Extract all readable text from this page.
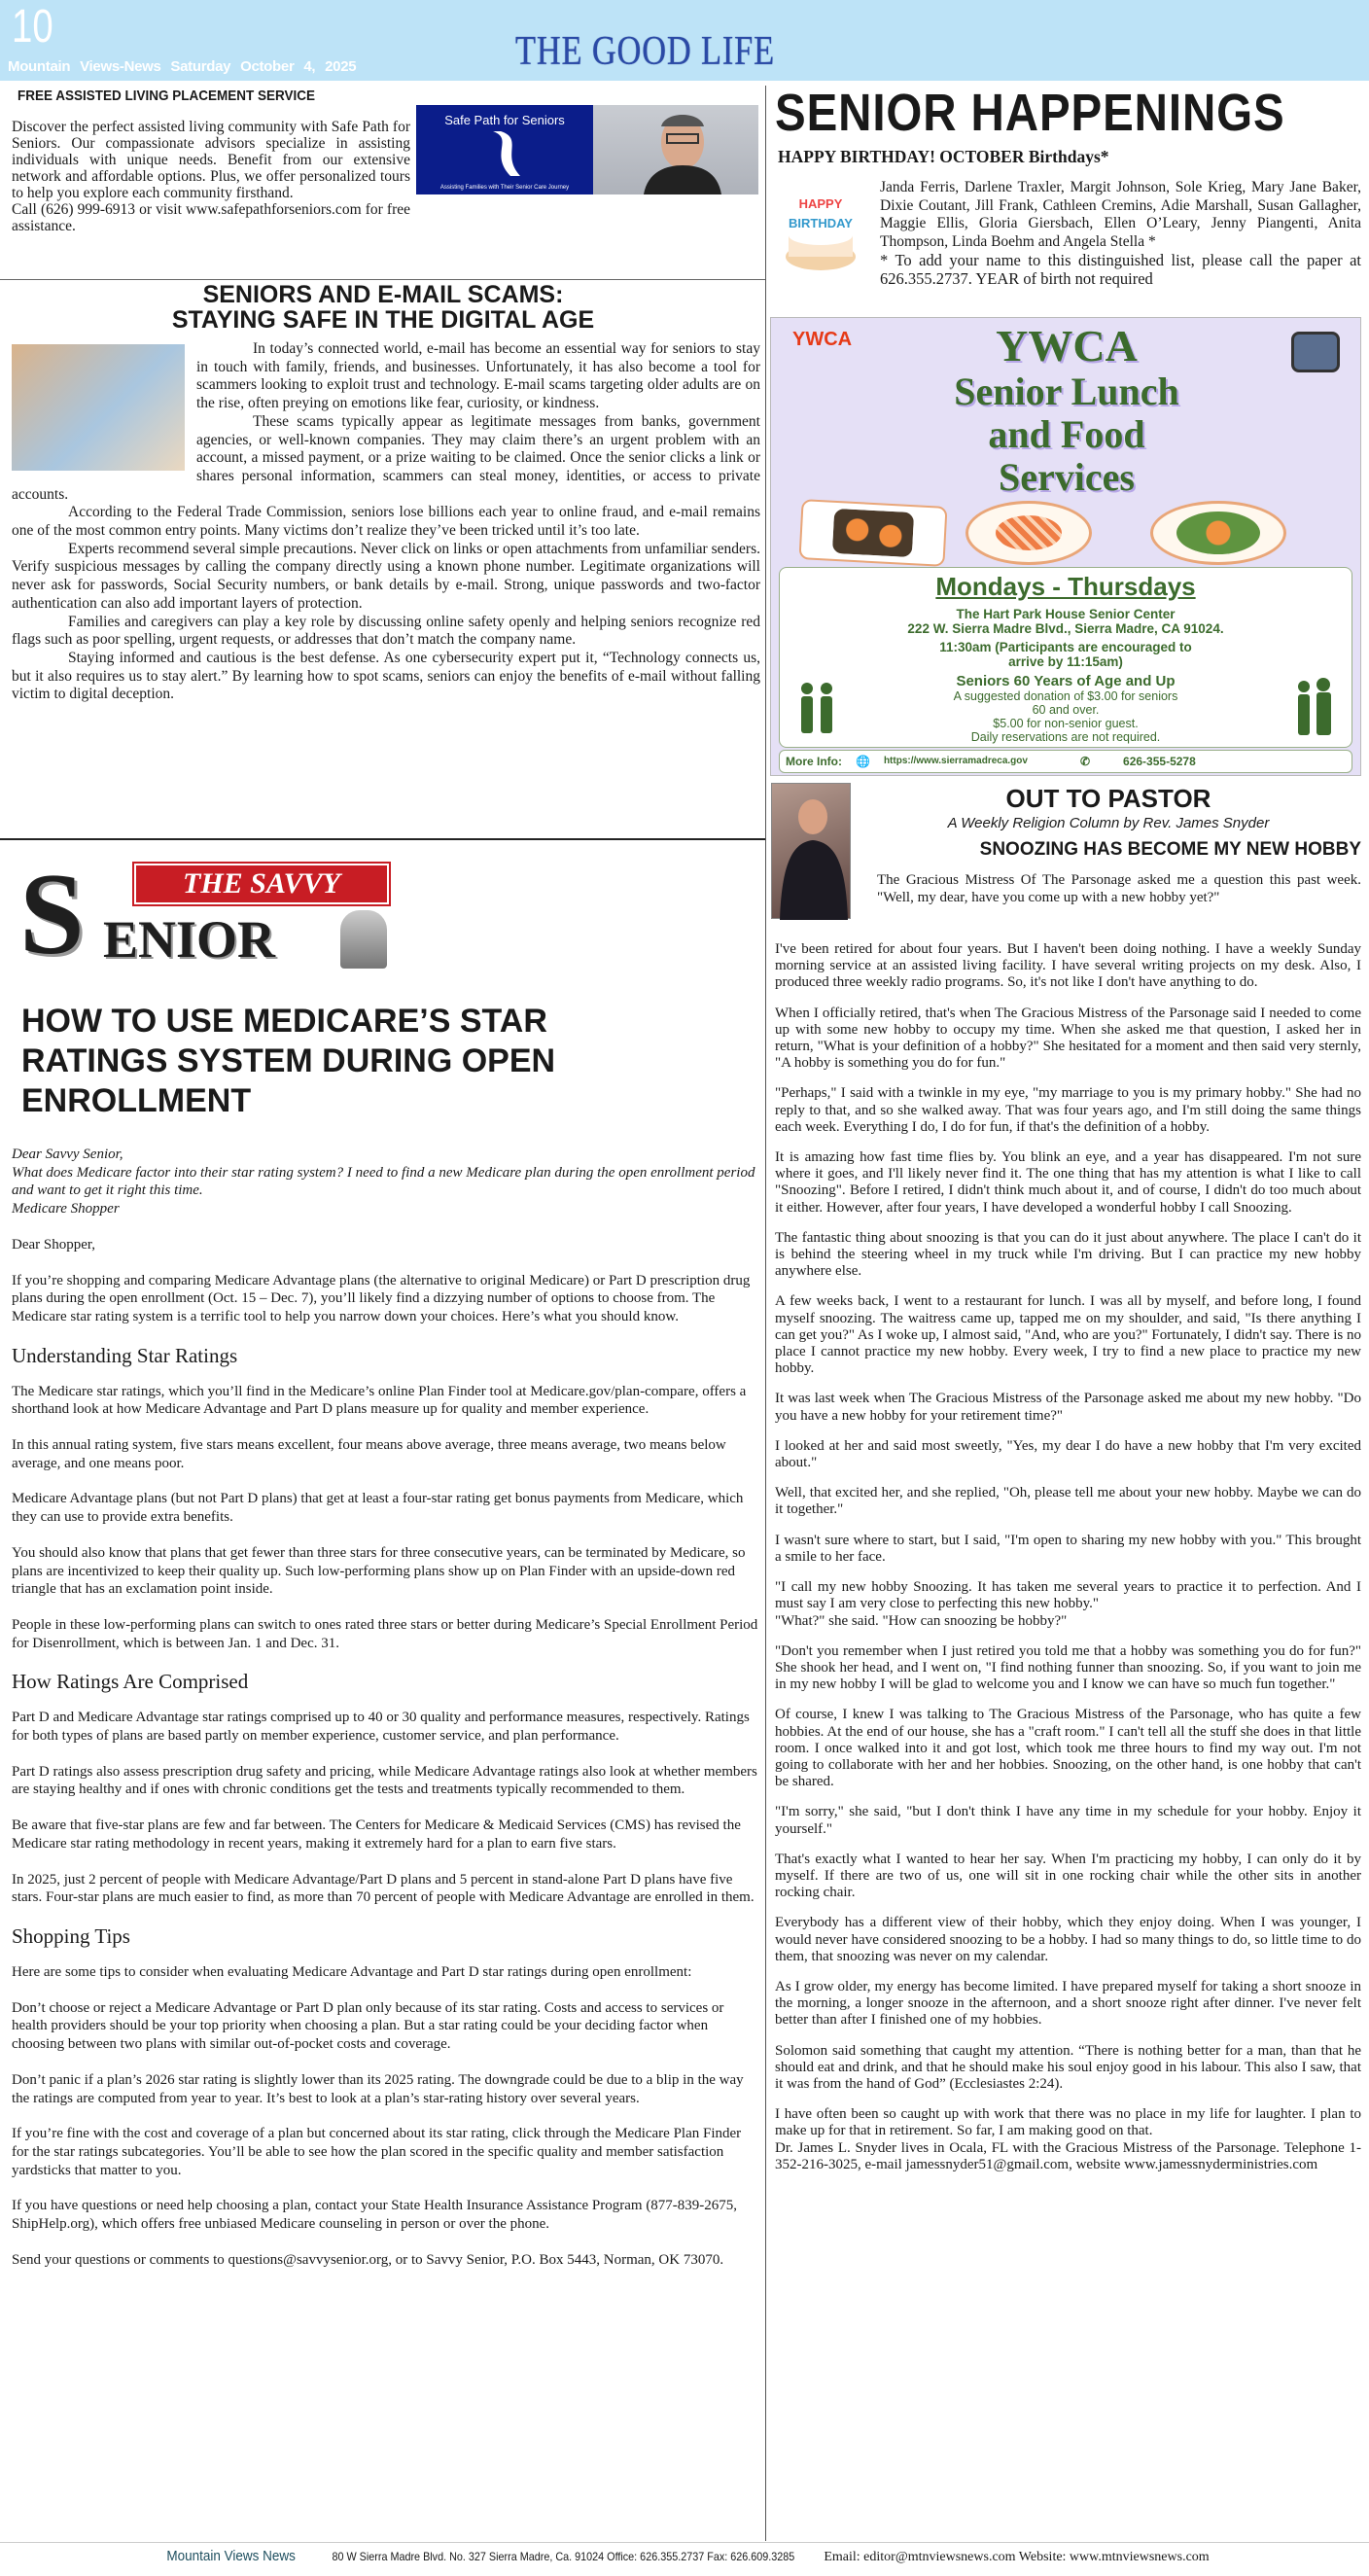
10
Mountain Views-News Saturday October 4, 2025	THE GOOD LIFE
FREE ASSISTED LIVING PLACEMENT SERVICE

Discover the perfect assisted living community with Safe Path for Seniors. Our compassionate advisors specialize in assisting individuals with unique needs. Benefit from our extensive network and affordable options. Plus, we offer personalized tours to help you explore each community firsthand.

Call (626) 999-6913 or visit www.safepathforseniors.com for free assistance.

Safe Path for Seniors
Assisting Families with Their Senior Care Journey
SENIORS AND E-MAIL SCAMS:
STAYING SAFE IN THE DIGITAL AGE

In today’s connected world, e-mail has become an essential way for seniors to stay in touch with family, friends, and businesses. Unfortunately, it has also become a tool for scammers looking to exploit trust and technology. E-mail scams targeting older adults are on the rise, often preying on emotions like fear, curiosity, or kindness.

These scams typically appear as legitimate messages from banks, government agencies, or well-known companies. They may claim there’s an urgent problem with an account, a missed payment, or a prize waiting to be claimed. Once the senior clicks a link or shares personal information, scammers can steal money, identities, or access to private accounts.

According to the Federal Trade Commission, seniors lose billions each year to online fraud, and e-mail remains one of the most common entry points. Many victims don’t realize they’ve been tricked until it’s too late.

Experts recommend several simple precautions. Never click on links or open attachments from unfamiliar senders. Verify suspicious messages by calling the company directly using a known phone number. Legitimate organizations will never ask for passwords, Social Security numbers, or bank details by e-mail. Strong, unique passwords and two-factor authentication can also add important layers of protection.

Families and caregivers can play a key role by discussing online safety openly and helping seniors recognize red flags such as poor spelling, urgent requests, or addresses that don’t match the company name.

Staying informed and cautious is the best defense. As one cybersecurity expert put it, “Technology connects us, but it also requires us to stay alert.” By learning how to spot scams, seniors can enjoy the benefits of e-mail without falling victim to digital deception.

S ENIOR
THE SAVVY
HOW TO USE MEDICARE’S STAR RATINGS SYSTEM DURING OPEN ENROLLMENT

Dear Savvy Senior,
What does Medicare factor into their star rating system? I need to find a new Medicare plan during the open enrollment period and want to get it right this time.
Medicare Shopper

Dear Shopper,

If you’re shopping and comparing Medicare Advantage plans (the alternative to original Medicare) or Part D prescription drug plans during the open enrollment (Oct. 15 – Dec. 7), you’ll likely find a dizzying number of options to choose from. The Medicare star rating system is a terrific tool to help you narrow down your choices. Here’s what you should know.

Understanding Star Ratings

The Medicare star ratings, which you’ll find in the Medicare’s online Plan Finder tool at Medicare.gov/plan-compare, offers a shorthand look at how Medicare Advantage and Part D plans measure up for quality and member experience.

In this annual rating system, five stars means excellent, four means above average, three means average, two means below average, and one means poor.

Medicare Advantage plans (but not Part D plans) that get at least a four-star rating get bonus payments from Medicare, which they can use to provide extra benefits.

You should also know that plans that get fewer than three stars for three consecutive years, can be terminated by Medicare, so plans are incentivized to keep their quality up. Such low-performing plans show up on Plan Finder with an upside-down red triangle that has an exclamation point inside.

People in these low-performing plans can switch to ones rated three stars or better during Medicare’s Special Enrollment Period for Disenrollment, which is between Jan. 1 and Dec. 31.

How Ratings Are Comprised

Part D and Medicare Advantage star ratings comprised up to 40 or 30 quality and performance measures, respectively. Ratings for both types of plans are based partly on member experience, customer service, and plan performance.

Part D ratings also assess prescription drug safety and pricing, while Medicare Advantage ratings also look at whether members are staying healthy and if ones with chronic conditions get the tests and treatments typically recommended to them.

Be aware that five-star plans are few and far between. The Centers for Medicare & Medicaid Services (CMS) has revised the Medicare star rating methodology in recent years, making it extremely hard for a plan to earn five stars.

In 2025, just 2 percent of people with Medicare Advantage/Part D plans and 5 percent in stand-alone Part D plans have five stars. Four-star plans are much easier to find, as more than 70 percent of people with Medicare Advantage are enrolled in them.

Shopping Tips

Here are some tips to consider when evaluating Medicare Advantage and Part D star ratings during open enrollment:

Don’t choose or reject a Medicare Advantage or Part D plan only because of its star rating. Costs and access to services or health providers should be your top priority when choosing a plan. But a star rating could be your deciding factor when choosing between two plans with similar out-of-pocket costs and coverage.

Don’t panic if a plan’s 2026 star rating is slightly lower than its 2025 rating. The downgrade could be due to a blip in the way the ratings are computed from year to year. It’s best to look at a plan’s star-rating history over several years.

If you’re fine with the cost and coverage of a plan but concerned about its star rating, click through the Medicare Plan Finder for the star ratings subcategories. You’ll be able to see how the plan scored in the specific quality and member satisfaction yardsticks that matter to you.

If you have questions or need help choosing a plan, contact your State Health Insurance Assistance Program (877-839-2675, ShipHelp.org), which offers free unbiased Medicare counseling in person or over the phone.

Send your questions or comments to questions@savvysenior.org, or to Savvy Senior, P.O. Box 5443, Norman, OK 73070.

SENIOR HAPPENINGS
HAPPY BIRTHDAY! OCTOBER Birthdays*
HAPPY
BIRTHDAY

Janda Ferris, Darlene Traxler, Margit Johnson, Sole Krieg, Mary Jane Baker, Dixie Coutant, Jill Frank, Cathleen Cremins, Adie Marshall, Susan Gallagher, Maggie Ellis, Gloria Giersbach, Ellen O’Leary, Jenny Piangenti, Anita Thompson, Linda Boehm and Angela Stella *

* To add your name to this distinguished list, please call the paper at 626.355.2737. YEAR of birth not required

YWCA
Senior Lunch
and Food
Services
YWCA
Mondays - Thursdays
The Hart Park House Senior Center
222 W. Sierra Madre Blvd., Sierra Madre, CA 91024.
11:30am (Participants are encouraged to
arrive by 11:15am)
Seniors 60 Years of Age and Up
A suggested donation of $3.00 for seniors
60 and over.
$5.00 for non-senior guest.
Daily reservations are not required.
More Info: 🌐 https://www.sierramadreca.gov	✆	626-355-5278
OUT TO PASTOR
A Weekly Religion Column by Rev. James Snyder
SNOOZING HAS BECOME MY NEW HOBBY
The Gracious Mistress Of The Parsonage asked me a question this past week. "Well, my dear, have you come up with a new hobby yet?"

I've been retired for about four years. But I haven't been doing nothing. I have a weekly Sunday morning service at an assisted living facility. I have several writing projects on my desk. Also, I produced three weekly radio programs. So, it's not like I don't have anything to do.

When I officially retired, that's when The Gracious Mistress of the Parsonage said I needed to come up with some new hobby to occupy my time. When she asked me that question, I asked her in return, "What is your definition of a hobby?" She hesitated for a moment and then said very sternly, "A hobby is something you do for fun."

"Perhaps," I said with a twinkle in my eye, "my marriage to you is my primary hobby." She had no reply to that, and so she walked away. That was four years ago, and I'm still doing the same things each week. Everything I do, I do for fun, if that's the definition of a hobby.

It is amazing how fast time flies by. You blink an eye, and a year has disappeared. I'm not sure where it goes, and I'll likely never find it. The one thing that has my attention is what I like to call "Snoozing". Before I retired, I didn't think much about it, and of course, I didn't do too much about it either. However, after four years, I have developed a wonderful hobby I call Snoozing.

The fantastic thing about snoozing is that you can do it just about anywhere. The place I can't do it is behind the steering wheel in my truck while I'm driving. But I can practice my new hobby anywhere else.

A few weeks back, I went to a restaurant for lunch. I was all by myself, and before long, I found myself snoozing. The waitress came up, tapped me on my shoulder, and said, "Is there anything I can get you?" As I woke up, I almost said, "And, who are you?" Fortunately, I didn't say. There is no place I cannot practice my new hobby. Every week, I try to find a new place to practice my new hobby.

It was last week when The Gracious Mistress of the Parsonage asked me about my new hobby. "Do you have a new hobby for your retirement time?"

I looked at her and said most sweetly, "Yes, my dear I do have a new hobby that I'm very excited about."

Well, that excited her, and she replied, "Oh, please tell me about your new hobby. Maybe we can do it together."

I wasn't sure where to start, but I said, "I'm open to sharing my new hobby with you." This brought a smile to her face.

"I call my new hobby Snoozing. It has taken me several years to practice it to perfection. And I must say I am very close to perfecting this new hobby."
"What?" she said. "How can snoozing be hobby?"

"Don't you remember when I just retired you told me that a hobby was something you do for fun?" She shook her head, and I went on, "I find nothing funner than snoozing. So, if you want to join me in my new hobby I will be glad to welcome you and I know we can have so much fun together."

Of course, I knew I was talking to The Gracious Mistress of the Parsonage, who has quite a few hobbies. At the end of our house, she has a "craft room." I can't tell all the stuff she does in that little room. I once walked into it and got lost, which took me three hours to find my way out. I'm not going to collaborate with her and her hobbies. Snoozing, on the other hand, is one hobby that can't be shared.

"I'm sorry," she said, "but I don't think I have any time in my schedule for your hobby. Enjoy it yourself."

That's exactly what I wanted to hear her say. When I'm practicing my hobby, I can only do it by myself. If there are two of us, one will sit in one rocking chair while the other sits in another rocking chair.

Everybody has a different view of their hobby, which they enjoy doing. When I was younger, I would never have considered snoozing to be a hobby. I had so many things to do, so little time to do them, that snoozing was never on my calendar.

As I grow older, my energy has become limited. I have prepared myself for taking a short snooze in the morning, a longer snooze in the afternoon, and a short snooze right after dinner. I've never felt better than after I finished one of my hobbies.

Solomon said something that caught my attention. “There is nothing better for a man, than that he should eat and drink, and that he should make his soul enjoy good in his labour. This also I saw, that it was from the hand of God” (Ecclesiastes 2:24).

I have often been so caught up with work that there was no place in my life for laughter. I plan to make up for that in retirement. So far, I am making good on that.
Dr. James L. Snyder lives in Ocala, FL with the Gracious Mistress of the Parsonage. Telephone 1-352-216-3025, e-mail jamessnyder51@gmail.com, website www.jamessnyderministries.com

Mountain Views News	80 W Sierra Madre Blvd. No. 327 Sierra Madre, Ca. 91024 Office: 626.355.2737 Fax: 626.609.3285 Email: editor@mtnviewsnews.com Website: www.mtnviewsnews.com
